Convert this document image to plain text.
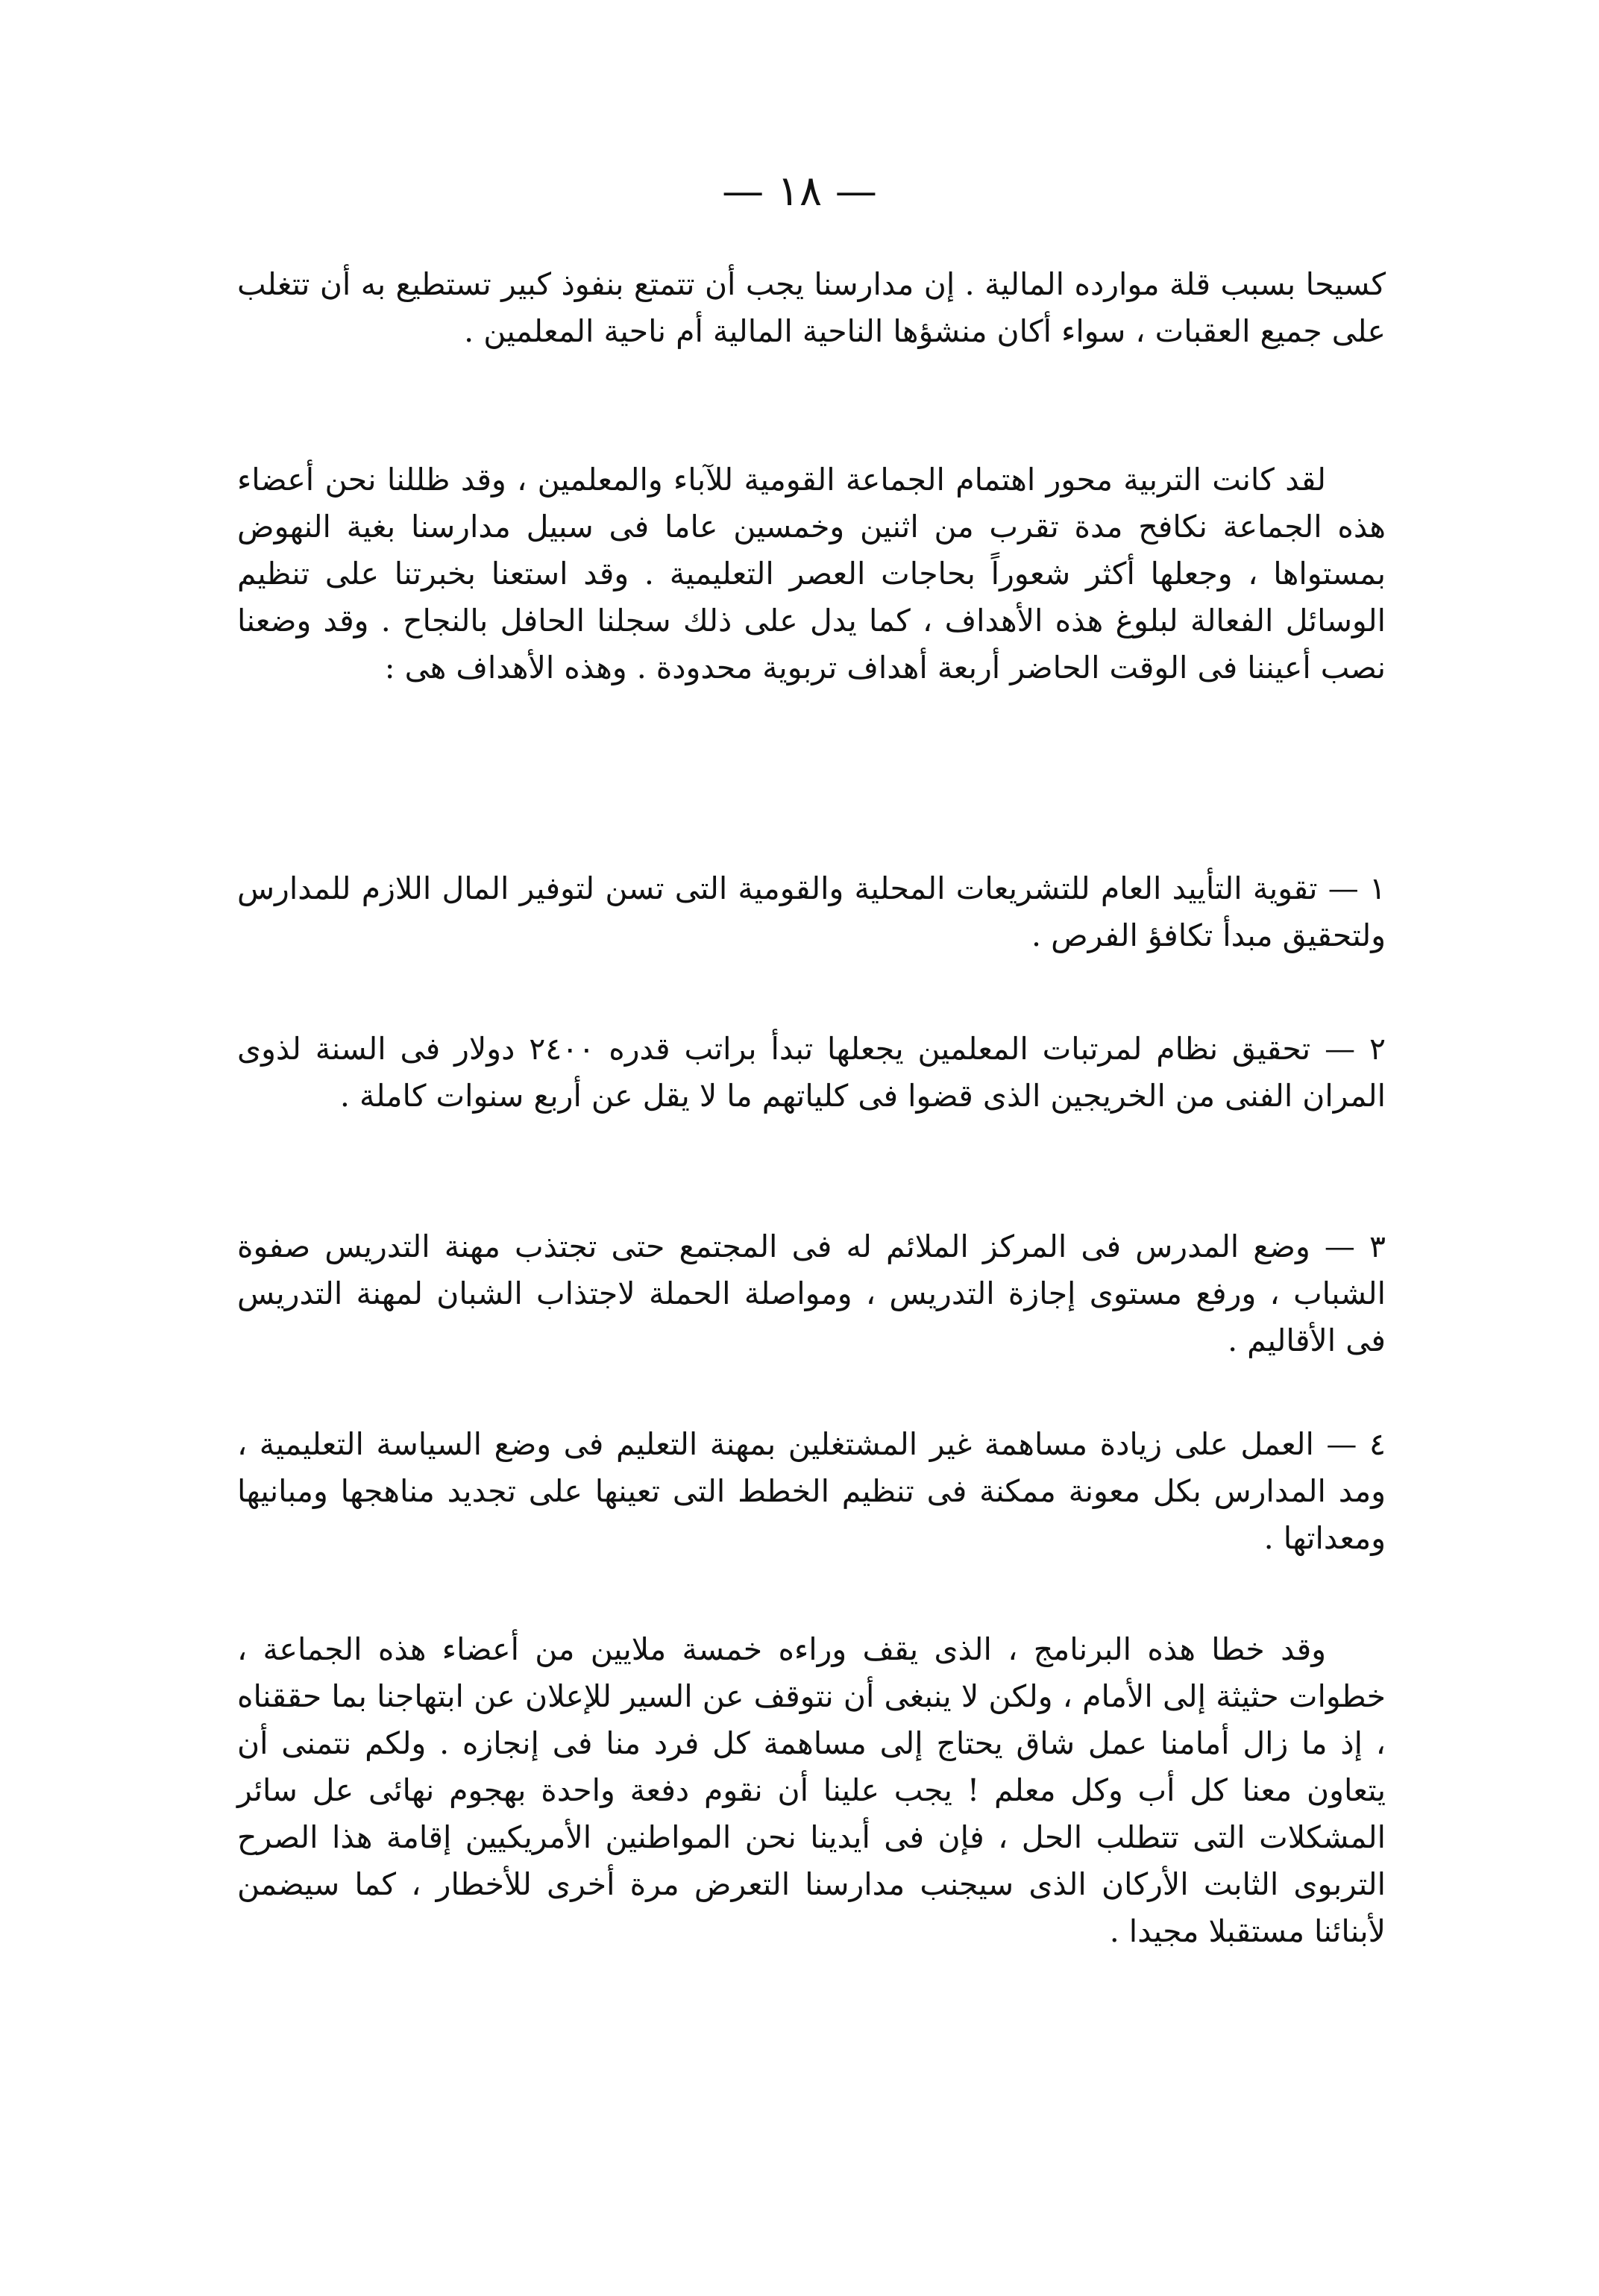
— ١٨ —

كسيحا بسبب قلة موارده المالية . إن مدارسنا يجب أن تتمتع بنفوذ كبير تستطيع به أن تتغلب على جميع العقبات ، سواء أكان منشؤها الناحية المالية أم ناحية المعلمين .

لقد كانت التربية محور اهتمام الجماعة القومية للآباء والمعلمين ، وقد ظللنا نحن أعضاء هذه الجماعة نكافح مدة تقرب من اثنين وخمسين عاما فى سبيل مدارسنا بغية النهوض بمستواها ، وجعلها أكثر شعوراً بحاجات العصر التعليمية . وقد استعنا بخبرتنا على تنظيم الوسائل الفعالة لبلوغ هذه الأهداف ، كما يدل على ذلك سجلنا الحافل بالنجاح . وقد وضعنا نصب أعيننا فى الوقت الحاضر أربعة أهداف تربوية محدودة . وهذه الأهداف هى :

١ — تقوية التأييد العام للتشريعات المحلية والقومية التى تسن لتوفير المال اللازم للمدارس ولتحقيق مبدأ تكافؤ الفرص .

٢ — تحقيق نظام لمرتبات المعلمين يجعلها تبدأ براتب قدره ٢٤٠٠ دولار فى السنة لذوى المران الفنى من الخريجين الذى قضوا فى كلياتهم ما لا يقل عن أربع سنوات كاملة .

٣ — وضع المدرس فى المركز الملائم له فى المجتمع حتى تجتذب مهنة التدريس صفوة الشباب ، ورفع مستوى إجازة التدريس ، ومواصلة الحملة لاجتذاب الشبان لمهنة التدريس فى الأقاليم .

٤ — العمل على زيادة مساهمة غير المشتغلين بمهنة التعليم فى وضع السياسة التعليمية ، ومد المدارس بكل معونة ممكنة فى تنظيم الخطط التى تعينها على تجديد مناهجها ومبانيها ومعداتها .

وقد خطا هذه البرنامج ، الذى يقف وراءه خمسة ملايين من أعضاء هذه الجماعة ، خطوات حثيثة إلى الأمام ، ولكن لا ينبغى أن نتوقف عن السير للإعلان عن ابتهاجنا بما حققناه ، إذ ما زال أمامنا عمل شاق يحتاج إلى مساهمة كل فرد منا فى إنجازه . ولكم نتمنى أن يتعاون معنا كل أب وكل معلم ! يجب علينا أن نقوم دفعة واحدة بهجوم نهائى عل سائر المشكلات التى تتطلب الحل ، فإن فى أيدينا نحن المواطنين الأمريكيين إقامة هذا الصرح التربوى الثابت الأركان الذى سيجنب مدارسنا التعرض مرة أخرى للأخطار ، كما سيضمن لأبنائنا مستقبلا مجيدا .
